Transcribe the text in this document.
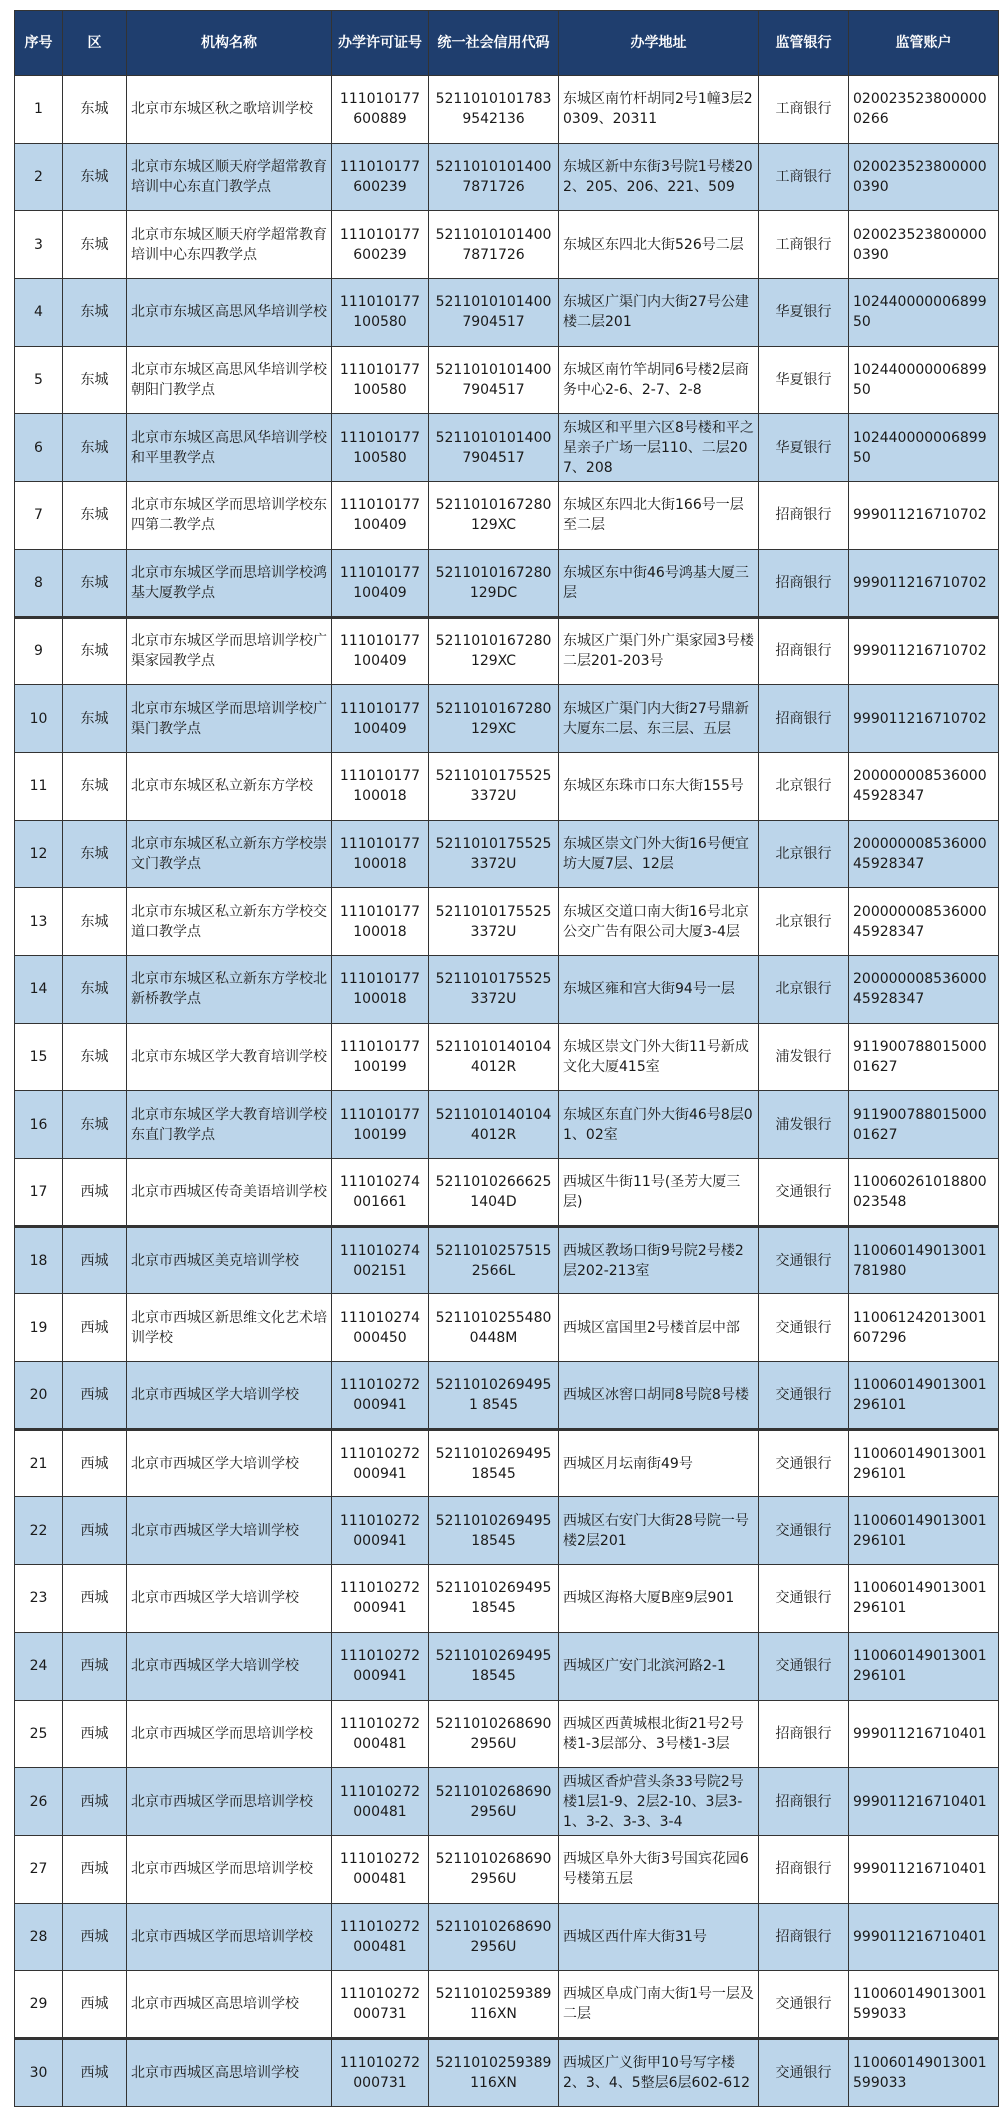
序号	区	机构名称	办学许可证号	统一社会信用代码	办学地址	监管银行	监管账户
1	东城	北京市东城区秋之歌培训学校	111010177600889	52110101017839542136	东城区南竹杆胡同2号1幢3层20309、20311	工商银行	0200235238000000266
2	东城	北京市东城区顺天府学超常教育培训中心东直门教学点	111010177600239	52110101014007871726	东城区新中东街3号院1号楼202、205、206、221、509	工商银行	0200235238000000390
3	东城	北京市东城区顺天府学超常教育培训中心东四教学点	111010177600239	52110101014007871726	东城区东四北大街526号二层	工商银行	0200235238000000390
4	东城	北京市东城区高思风华培训学校	111010177100580	52110101014007904517	东城区广渠门内大街27号公建楼二层201	华夏银行	10244000000689950
5	东城	北京市东城区高思风华培训学校朝阳门教学点	111010177100580	52110101014007904517	东城区南竹竿胡同6号楼2层商务中心2-6、2-7、2-8	华夏银行	10244000000689950
6	东城	北京市东城区高思风华培训学校和平里教学点	111010177100580	52110101014007904517	东城区和平里六区8号楼和平之星亲子广场一层110、二层207、208	华夏银行	10244000000689950
7	东城	北京市东城区学而思培训学校东四第二教学点	111010177100409	5211010167280129XC	东城区东四北大街166号一层至二层	招商银行	999011216710702
8	东城	北京市东城区学而思培训学校鸿基大厦教学点	111010177100409	5211010167280129DC	东城区东中街46号鸿基大厦三层	招商银行	999011216710702
9	东城	北京市东城区学而思培训学校广渠家园教学点	111010177100409	5211010167280129XC	东城区广渠门外广渠家园3号楼二层201-203号	招商银行	999011216710702
10	东城	北京市东城区学而思培训学校广渠门教学点	111010177100409	5211010167280129XC	东城区广渠门内大街27号鼎新大厦东二层、东三层、五层	招商银行	999011216710702
11	东城	北京市东城区私立新东方学校	111010177100018	52110101755253372U	东城区东珠市口东大街155号	北京银行	20000000853600045928347
12	东城	北京市东城区私立新东方学校崇文门教学点	111010177100018	52110101755253372U	东城区崇文门外大街16号便宜坊大厦7层、12层	北京银行	20000000853600045928347
13	东城	北京市东城区私立新东方学校交道口教学点	111010177100018	52110101755253372U	东城区交道口南大街16号北京公交广告有限公司大厦3-4层	北京银行	20000000853600045928347
14	东城	北京市东城区私立新东方学校北新桥教学点	111010177100018	52110101755253372U	东城区雍和宫大街94号一层	北京银行	20000000853600045928347
15	东城	北京市东城区学大教育培训学校	111010177100199	52110101401044012R	东城区崇文门外大街11号新成文化大厦415室	浦发银行	91190078801500001627
16	东城	北京市东城区学大教育培训学校东直门教学点	111010177100199	52110101401044012R	东城区东直门外大街46号8层01、02室	浦发银行	91190078801500001627
17	西城	北京市西城区传奇美语培训学校	111010274001661	52110102666251404D	西城区牛街11号(圣芳大厦三层)	交通银行	110060261018800023548
18	西城	北京市西城区美克培训学校	111010274002151	52110102575152566L	西城区教场口街9号院2号楼2层202-213室	交通银行	110060149013001781980
19	西城	北京市西城区新思维文化艺术培训学校	111010274000450	52110102554800448M	西城区富国里2号楼首层中部	交通银行	110061242013001607296
20	西城	北京市西城区学大培训学校	111010272000941	52110102694951 8545	西城区冰窖口胡同8号院8号楼	交通银行	110060149013001296101
21	西城	北京市西城区学大培训学校	111010272000941	521101026949518545	西城区月坛南街49号	交通银行	110060149013001296101
22	西城	北京市西城区学大培训学校	111010272000941	521101026949518545	西城区右安门大街28号院一号楼2层201	交通银行	110060149013001296101
23	西城	北京市西城区学大培训学校	111010272000941	521101026949518545	西城区海格大厦B座9层901	交通银行	110060149013001296101
24	西城	北京市西城区学大培训学校	111010272000941	521101026949518545	西城区广安门北滨河路2-1	交通银行	110060149013001296101
25	西城	北京市西城区学而思培训学校	111010272000481	52110102686902956U	西城区西黄城根北街21号2号楼1-3层部分、3号楼1-3层	招商银行	999011216710401
26	西城	北京市西城区学而思培训学校	111010272000481	52110102686902956U	西城区香炉营头条33号院2号楼1层1-9、2层2-10、3层3-1、3-2、3-3、3-4	招商银行	999011216710401
27	西城	北京市西城区学而思培训学校	111010272000481	52110102686902956U	西城区阜外大街3号国宾花园6号楼第五层	招商银行	999011216710401
28	西城	北京市西城区学而思培训学校	111010272000481	52110102686902956U	西城区西什库大街31号	招商银行	999011216710401
29	西城	北京市西城区高思培训学校	111010272000731	5211010259389116XN	西城区阜成门南大街1号一层及二层	交通银行	110060149013001599033
30	西城	北京市西城区高思培训学校	111010272000731	5211010259389116XN	西城区广义街甲10号写字楼2、3、4、5整层6层602-612	交通银行	110060149013001599033
